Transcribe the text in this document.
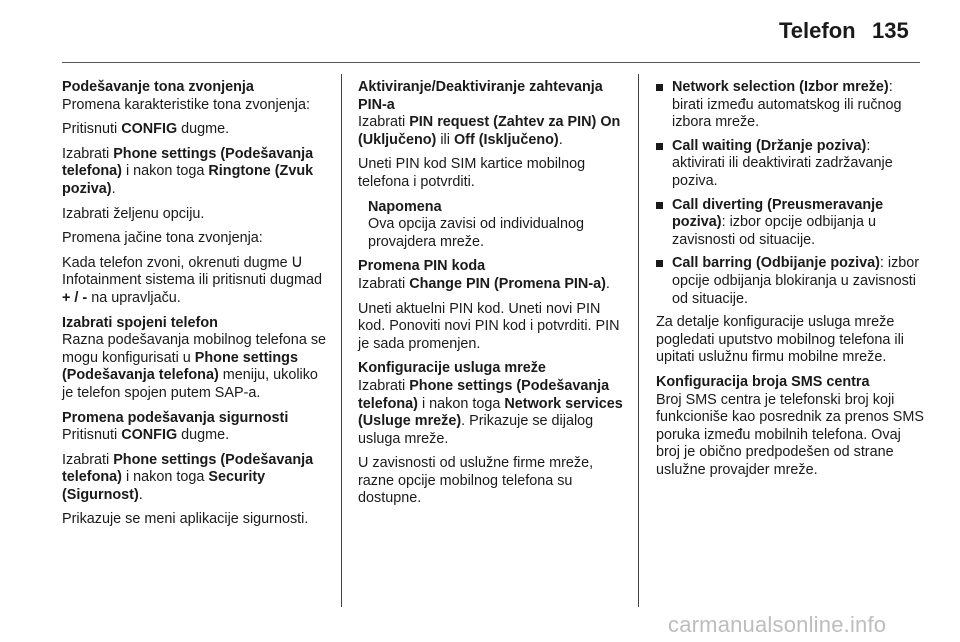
Telefon 135
Podešavanje tona zvonjenja

Promena karakteristike tona zvonjenja:

Pritisnuti CONFIG dugme.

Izabrati Phone settings (Podešavanja telefona) i nakon toga Ringtone (Zvuk poziva).

Izabrati željenu opciju.

Promena jačine tona zvonjenja:

Kada telefon zvoni, okrenuti dugme ᑌ Infotainment sistema ili pritisnuti dugmad + / - na upravljaču.

Izabrati spojeni telefon

Razna podešavanja mobilnog telefona se mogu konfigurisati u Phone settings (Podešavanja telefona) meniju, ukoliko je telefon spojen putem SAP-a.

Promena podešavanja sigurnosti

Pritisnuti CONFIG dugme.

Izabrati Phone settings (Podešavanja telefona) i nakon toga Security (Sigurnost).

Prikazuje se meni aplikacije sigurnosti.

Aktiviranje/Deaktiviranje zahtevanja PIN-a

Izabrati PIN request (Zahtev za PIN) On (Uključeno) ili Off (Isključeno).

Uneti PIN kod SIM kartice mobilnog telefona i potvrditi.

Napomena
Ova opcija zavisi od individualnog provajdera mreže.
Promena PIN koda

Izabrati Change PIN (Promena PIN-a).

Uneti aktuelni PIN kod. Uneti novi PIN kod. Ponoviti novi PIN kod i potvrditi. PIN je sada promenjen.

Konfiguracije usluga mreže

Izabrati Phone settings (Podešavanja telefona) i nakon toga Network services (Usluge mreže). Prikazuje se dijalog usluga mreže.

U zavisnosti od uslužne firme mreže, razne opcije mobilnog telefona su dostupne.

Network selection (Izbor mreže): birati između automatskog ili ručnog izbora mreže.
Call waiting (Držanje poziva): aktivirati ili deaktivirati zadržavanje poziva.
Call diverting (Preusmeravanje poziva): izbor opcije odbijanja u zavisnosti od situacije.
Call barring (Odbijanje poziva): izbor opcije odbijanja blokiranja u zavisnosti od situacije.

Za detalje konfiguracije usluga mreže pogledati uputstvo mobilnog telefona ili upitati uslužnu firmu mobilne mreže.

Konfiguracija broja SMS centra

Broj SMS centra je telefonski broj koji funkcioniše kao posrednik za prenos SMS poruka između mobilnih telefona. Ovaj broj je obično predpodešen od strane uslužne provajder mreže.

carmanualsonline.info
